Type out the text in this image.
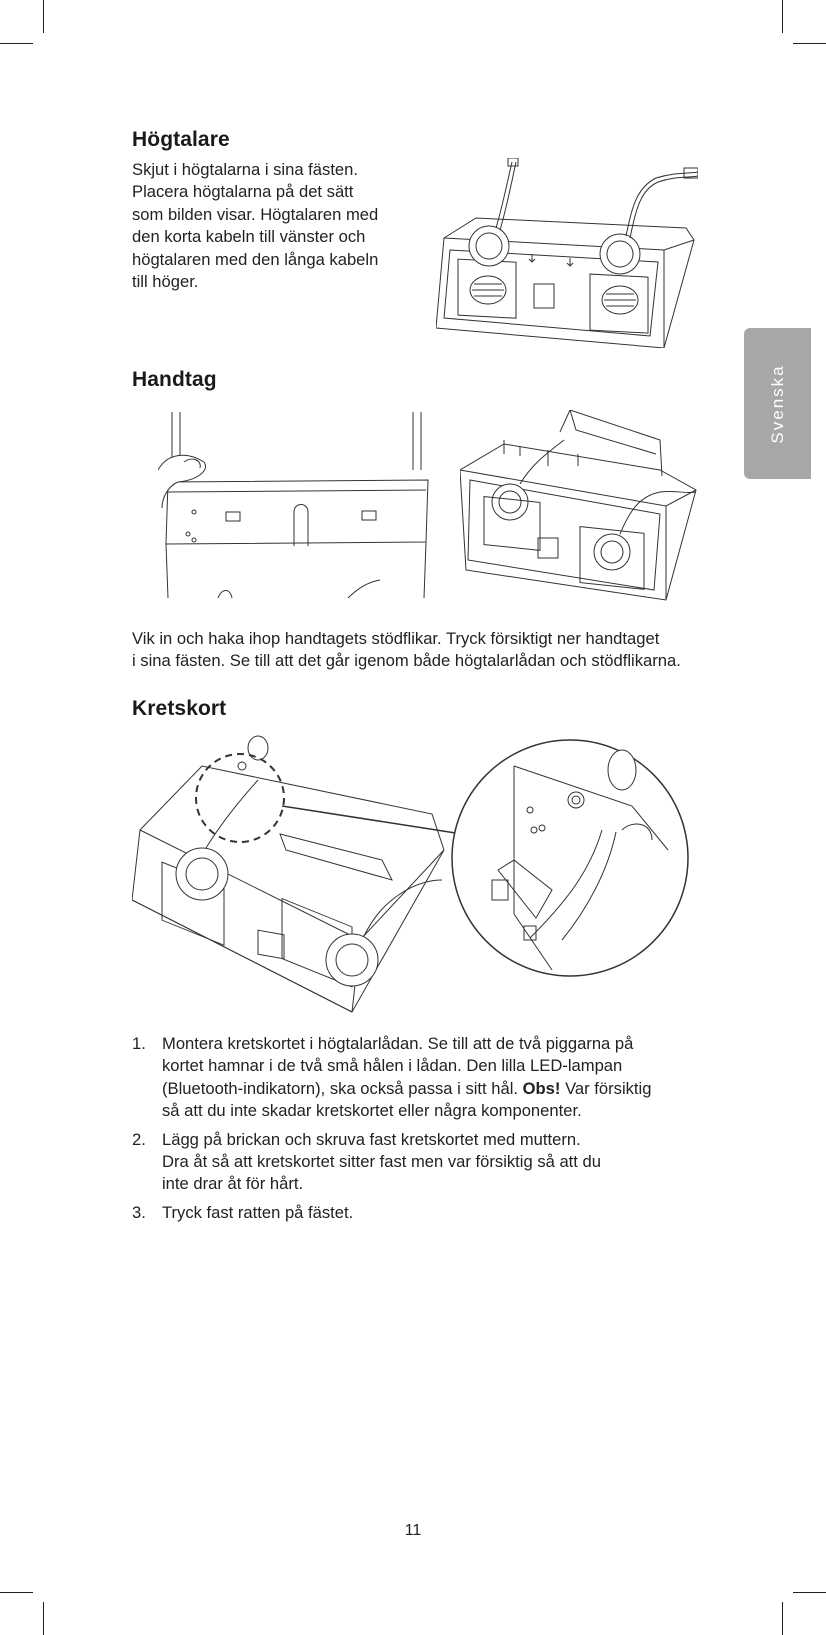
Svenska
Högtalare
Skjut i högtalarna i sina fästen.
Placera högtalarna på det sätt
som bilden visar. Högtalaren med
den korta kabeln till vänster och
högtalaren med den långa kabeln
till höger.
Handtag
Vik in och haka ihop handtagets stödflikar. Tryck försiktigt ner handtaget
i sina fästen. Se till att det går igenom både högtalarlådan och stödflikarna.
Kretskort
1. Montera kretskortet i högtalarlådan. Se till att de två piggarna på
kortet hamnar i de två små hålen i lådan. Den lilla LED-lampan
(Bluetooth-indikatorn), ska också passa i sitt hål. Obs! Var försiktig
så att du inte skadar kretskortet eller några komponenter.
2. Lägg på brickan och skruva fast kretskortet med muttern.
Dra åt så att kretskortet sitter fast men var försiktig så att du
inte drar åt för hårt.
3. Tryck fast ratten på fästet.
11
